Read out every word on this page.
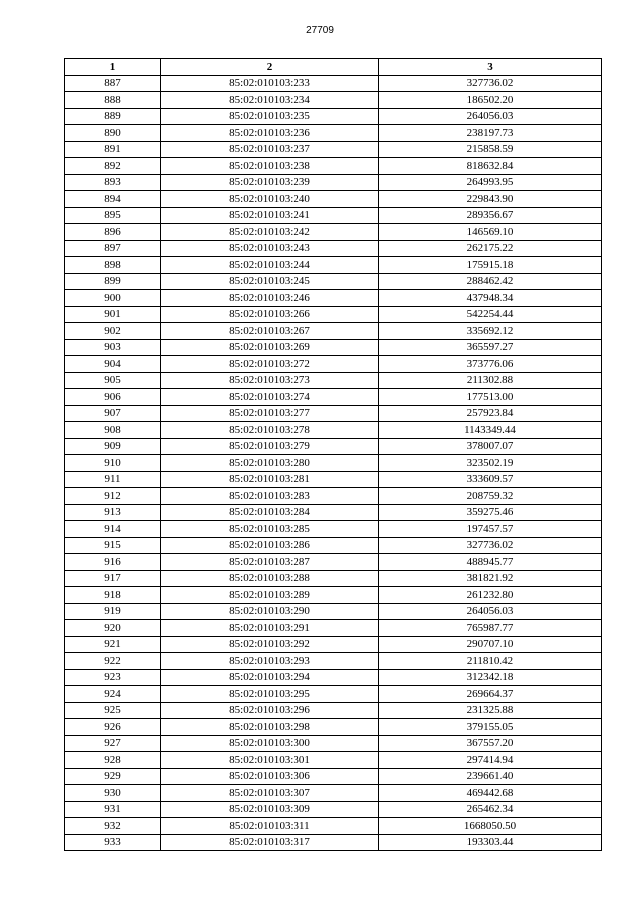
27709
1	2	3
887	85:02:010103:233	327736.02
888	85:02:010103:234	186502.20
889	85:02:010103:235	264056.03
890	85:02:010103:236	238197.73
891	85:02:010103:237	215858.59
892	85:02:010103:238	818632.84
893	85:02:010103:239	264993.95
894	85:02:010103:240	229843.90
895	85:02:010103:241	289356.67
896	85:02:010103:242	146569.10
897	85:02:010103:243	262175.22
898	85:02:010103:244	175915.18
899	85:02:010103:245	288462.42
900	85:02:010103:246	437948.34
901	85:02:010103:266	542254.44
902	85:02:010103:267	335692.12
903	85:02:010103:269	365597.27
904	85:02:010103:272	373776.06
905	85:02:010103:273	211302.88
906	85:02:010103:274	177513.00
907	85:02:010103:277	257923.84
908	85:02:010103:278	1143349.44
909	85:02:010103:279	378007.07
910	85:02:010103:280	323502.19
911	85:02:010103:281	333609.57
912	85:02:010103:283	208759.32
913	85:02:010103:284	359275.46
914	85:02:010103:285	197457.57
915	85:02:010103:286	327736.02
916	85:02:010103:287	488945.77
917	85:02:010103:288	381821.92
918	85:02:010103:289	261232.80
919	85:02:010103:290	264056.03
920	85:02:010103:291	765987.77
921	85:02:010103:292	290707.10
922	85:02:010103:293	211810.42
923	85:02:010103:294	312342.18
924	85:02:010103:295	269664.37
925	85:02:010103:296	231325.88
926	85:02:010103:298	379155.05
927	85:02:010103:300	367557.20
928	85:02:010103:301	297414.94
929	85:02:010103:306	239661.40
930	85:02:010103:307	469442.68
931	85:02:010103:309	265462.34
932	85:02:010103:311	1668050.50
933	85:02:010103:317	193303.44
